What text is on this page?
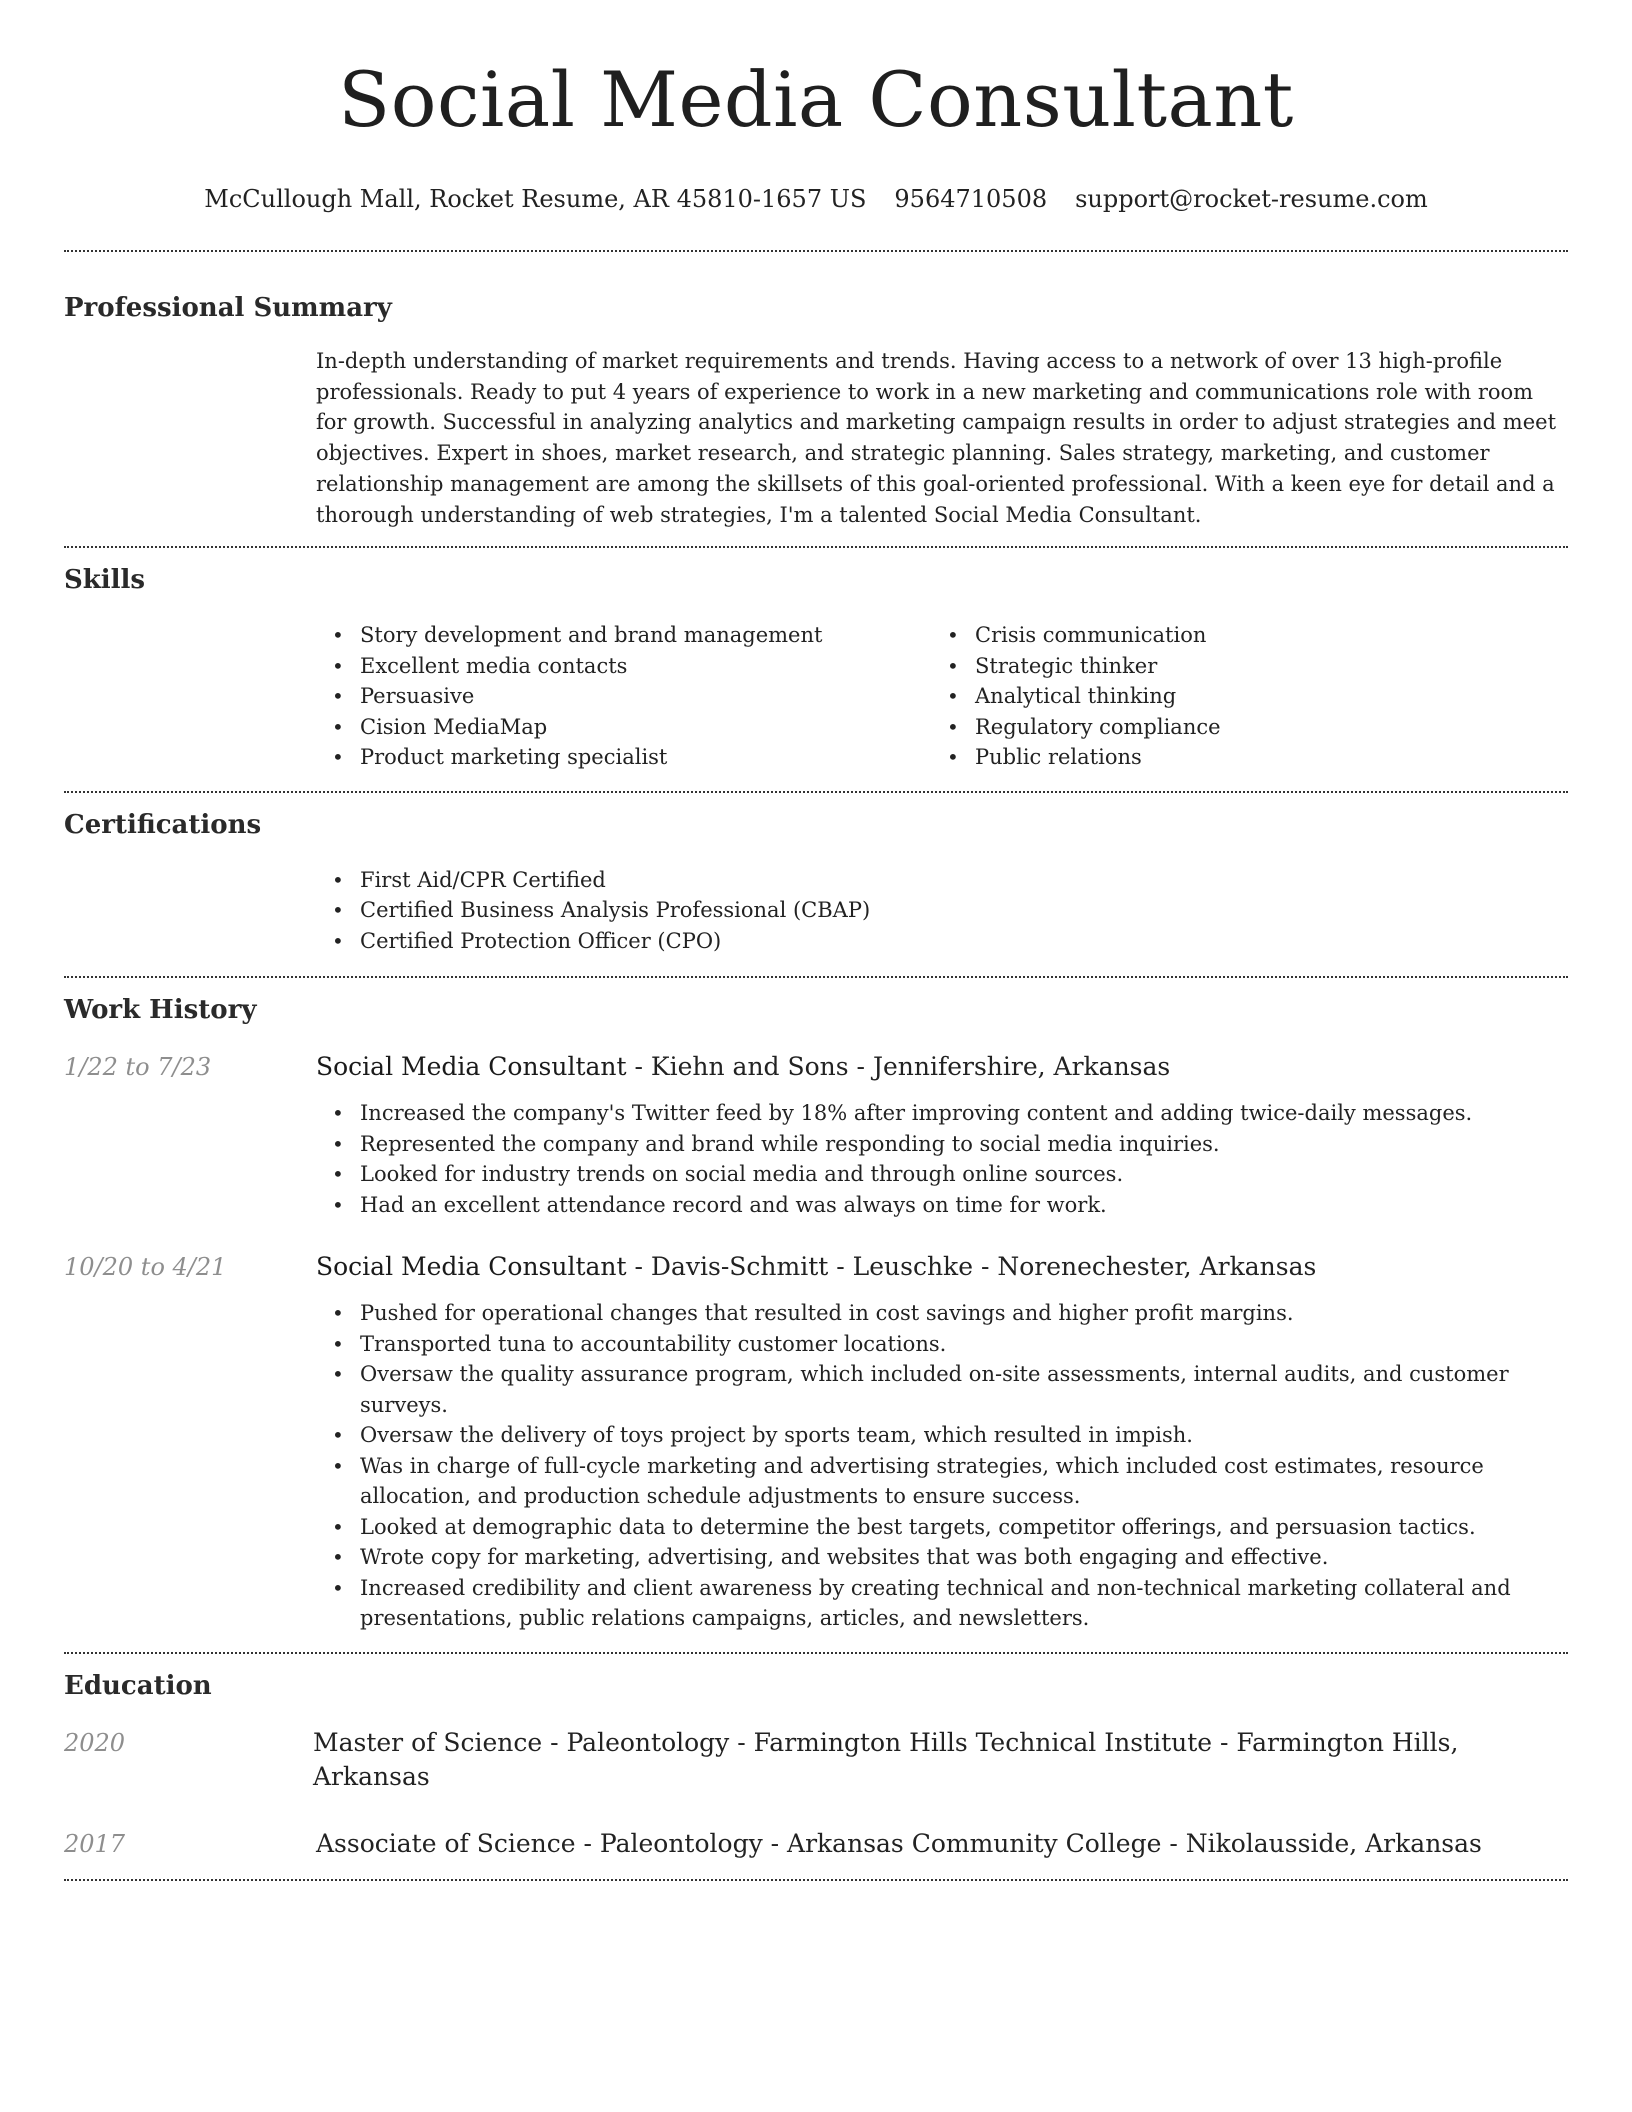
Social Media Consultant
McCullough Mall, Rocket Resume, AR 45810-1657 US 9564710508 support@rocket-resume.com
Professional Summary

In-depth understanding of market requirements and trends. Having access to a network of over 13 high-profile professionals. Ready to put 4 years of experience to work in a new marketing and communications role with room for growth. Successful in analyzing analytics and marketing campaign results in order to adjust strategies and meet objectives. Expert in shoes, market research, and strategic planning. Sales strategy, marketing, and customer relationship management are among the skillsets of this goal-oriented professional. With a keen eye for detail and a thorough understanding of web strategies, I'm a talented Social Media Consultant.

Skills
• Story development and brand management
• Excellent media contacts
• Persuasive
• Cision MediaMap
• Product marketing specialist
• Crisis communication
• Strategic thinker
• Analytical thinking
• Regulatory compliance
• Public relations
Certifications
• First Aid/CPR Certified
• Certified Business Analysis Professional (CBAP)
• Certified Protection Officer (CPO)
Work History
1/22 to 7/23	Social Media Consultant - Kiehn and Sons - Jennifershire, Arkansas
• Increased the company's Twitter feed by 18% after improving content and adding twice-daily messages.
• Represented the company and brand while responding to social media inquiries.
• Looked for industry trends on social media and through online sources.
• Had an excellent attendance record and was always on time for work.
10/20 to 4/21	Social Media Consultant - Davis-Schmitt - Leuschke - Norenechester, Arkansas
• Pushed for operational changes that resulted in cost savings and higher profit margins.
• Transported tuna to accountability customer locations.
• Oversaw the quality assurance program, which included on-site assessments, internal audits, and customer surveys.
• Oversaw the delivery of toys project by sports team, which resulted in impish.
• Was in charge of full-cycle marketing and advertising strategies, which included cost estimates, resource allocation, and production schedule adjustments to ensure success.
• Looked at demographic data to determine the best targets, competitor offerings, and persuasion tactics.
• Wrote copy for marketing, advertising, and websites that was both engaging and effective.
• Increased credibility and client awareness by creating technical and non-technical marketing collateral and presentations, public relations campaigns, articles, and newsletters.
Education
2020	Master of Science - Paleontology - Farmington Hills Technical Institute - Farmington Hills, Arkansas
2017	Associate of Science - Paleontology - Arkansas Community College - Nikolausside, Arkansas
